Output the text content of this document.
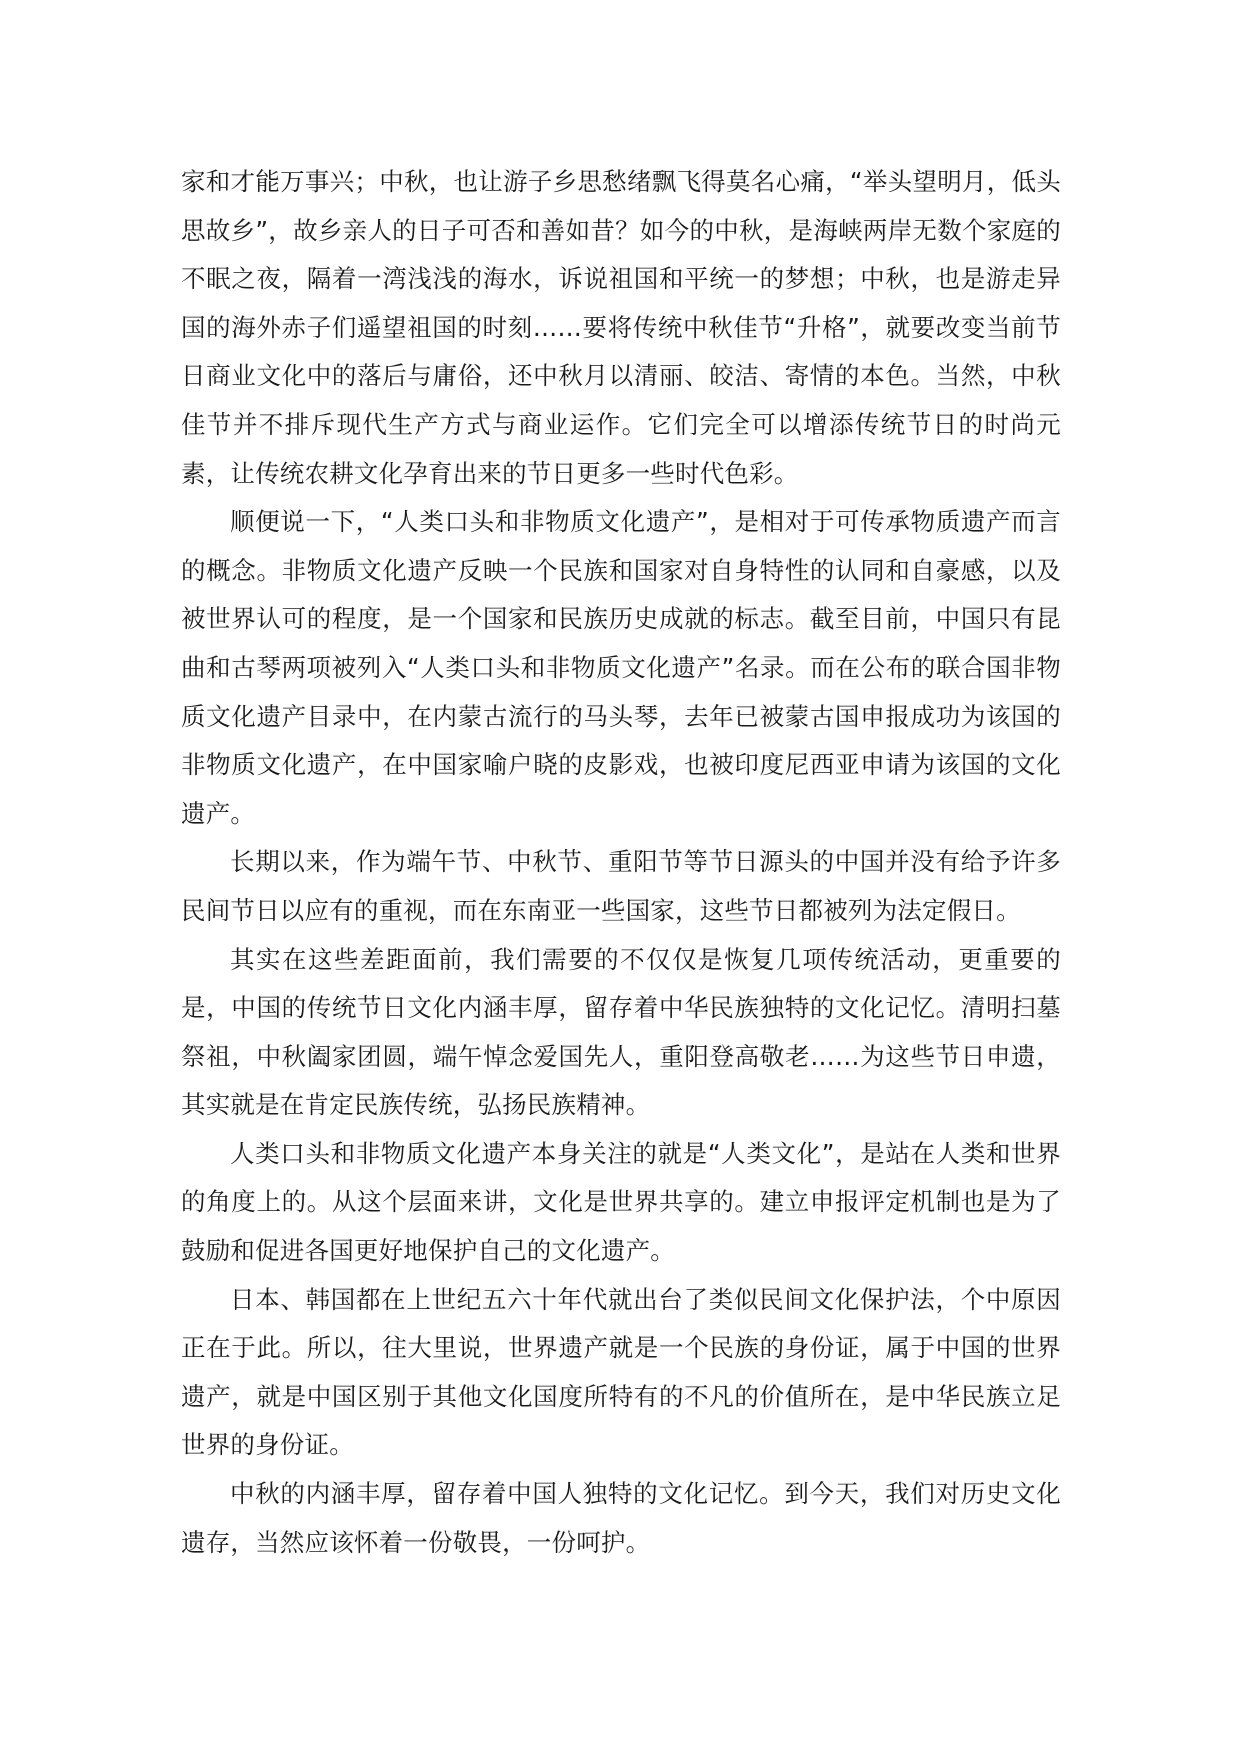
家和才能万事兴；中秋，也让游子乡思愁绪飘飞得莫名心痛，“举头望明月，低头思故乡”，故乡亲人的日子可否和善如昔？如今的中秋，是海峡两岸无数个家庭的不眠之夜，隔着一湾浅浅的海水，诉说祖国和平统一的梦想；中秋，也是游走异国的海外赤子们遥望祖国的时刻……要将传统中秋佳节“升格”，就要改变当前节日商业文化中的落后与庸俗，还中秋月以清丽、皎洁、寄情的本色。当然，中秋佳节并不排斥现代生产方式与商业运作。它们完全可以增添传统节日的时尚元素，让传统农耕文化孕育出来的节日更多一些时代色彩。

顺便说一下，“人类口头和非物质文化遗产”，是相对于可传承物质遗产而言的概念。非物质文化遗产反映一个民族和国家对自身特性的认同和自豪感，以及被世界认可的程度，是一个国家和民族历史成就的标志。截至目前，中国只有昆曲和古琴两项被列入“人类口头和非物质文化遗产”名录。而在公布的联合国非物质文化遗产目录中，在内蒙古流行的马头琴，去年已被蒙古国申报成功为该国的非物质文化遗产，在中国家喻户晓的皮影戏，也被印度尼西亚申请为该国的文化遗产。

长期以来，作为端午节、中秋节、重阳节等节日源头的中国并没有给予许多民间节日以应有的重视，而在东南亚一些国家，这些节日都被列为法定假日。

其实在这些差距面前，我们需要的不仅仅是恢复几项传统活动，更重要的是，中国的传统节日文化内涵丰厚，留存着中华民族独特的文化记忆。清明扫墓祭祖，中秋阖家团圆，端午悼念爱国先人，重阳登高敬老……为这些节日申遗，其实就是在肯定民族传统，弘扬民族精神。

人类口头和非物质文化遗产本身关注的就是“人类文化”，是站在人类和世界的角度上的。从这个层面来讲，文化是世界共享的。建立申报评定机制也是为了鼓励和促进各国更好地保护自己的文化遗产。

日本、韩国都在上世纪五六十年代就出台了类似民间文化保护法，个中原因正在于此。所以，往大里说，世界遗产就是一个民族的身份证，属于中国的世界遗产，就是中国区别于其他文化国度所特有的不凡的价值所在，是中华民族立足世界的身份证。

中秋的内涵丰厚，留存着中国人独特的文化记忆。到今天，我们对历史文化遗存，当然应该怀着一份敬畏，一份呵护。
